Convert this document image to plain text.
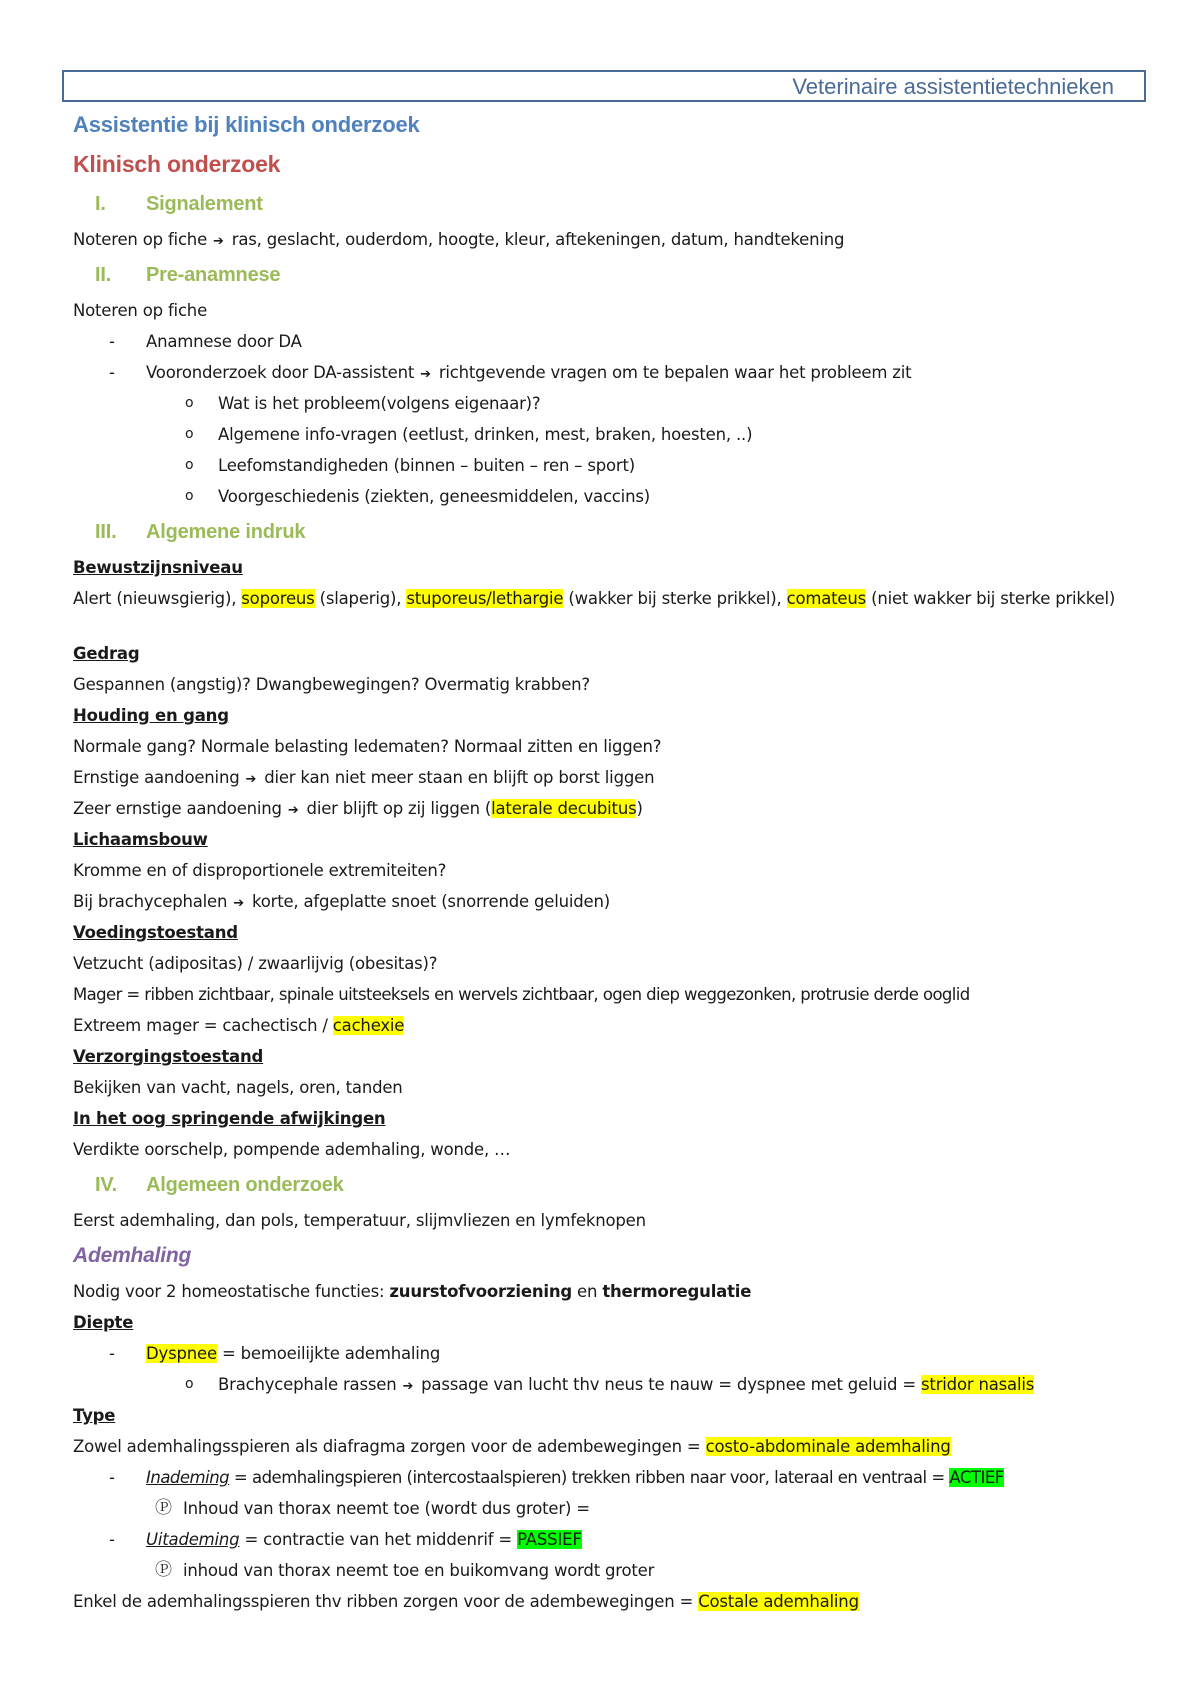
Veterinaire assistentietechnieken
Assistentie bij klinisch onderzoek
Klinisch onderzoek
I. Signalement
Noteren op fiche ➔ ras, geslacht, ouderdom, hoogte, kleur, aftekeningen, datum, handtekening
II. Pre-anamnese
Noteren op fiche
- Anamnese door DA
- Vooronderzoek door DA-assistent ➔ richtgevende vragen om te bepalen waar het probleem zit
o Wat is het probleem(volgens eigenaar)?
o Algemene info-vragen (eetlust, drinken, mest, braken, hoesten, ..)
o Leefomstandigheden (binnen – buiten – ren – sport)
o Voorgeschiedenis (ziekten, geneesmiddelen, vaccins)
III. Algemene indruk
Bewustzijnsniveau
Alert (nieuwsgierig), soporeus (slaperig), stuporeus/lethargie (wakker bij sterke prikkel), comateus (niet wakker bij sterke prikkel)
Gedrag
Gespannen (angstig)? Dwangbewegingen? Overmatig krabben?
Houding en gang
Normale gang? Normale belasting ledematen? Normaal zitten en liggen?
Ernstige aandoening ➔ dier kan niet meer staan en blijft op borst liggen
Zeer ernstige aandoening ➔ dier blijft op zij liggen (laterale decubitus)
Lichaamsbouw
Kromme en of disproportionele extremiteiten?
Bij brachycephalen ➔ korte, afgeplatte snoet (snorrende geluiden)
Voedingstoestand
Vetzucht (adipositas) / zwaarlijvig (obesitas)?
Mager = ribben zichtbaar, spinale uitsteeksels en wervels zichtbaar, ogen diep weggezonken, protrusie derde ooglid
Extreem mager = cachectisch / cachexie
Verzorgingstoestand
Bekijken van vacht, nagels, oren, tanden
In het oog springende afwijkingen
Verdikte oorschelp, pompende ademhaling, wonde, …
IV. Algemeen onderzoek
Eerst ademhaling, dan pols, temperatuur, slijmvliezen en lymfeknopen
Ademhaling
Nodig voor 2 homeostatische functies: zuurstofvoorziening en thermoregulatie
Diepte
- Dyspnee = bemoeilijkte ademhaling
o Brachycephale rassen ➔ passage van lucht thv neus te nauw = dyspnee met geluid = stridor nasalis
Type
Zowel ademhalingsspieren als diafragma zorgen voor de adembewegingen = costo-abdominale ademhaling
- Inademing = ademhalingspieren (intercostaalspieren) trekken ribben naar voor, lateraal en ventraal = ACTIEF
Ⓟ Inhoud van thorax neemt toe (wordt dus groter) =
- Uitademing = contractie van het middenrif = PASSIEF
Ⓟ inhoud van thorax neemt toe en buikomvang wordt groter
Enkel de ademhalingsspieren thv ribben zorgen voor de adembewegingen = Costale ademhaling
